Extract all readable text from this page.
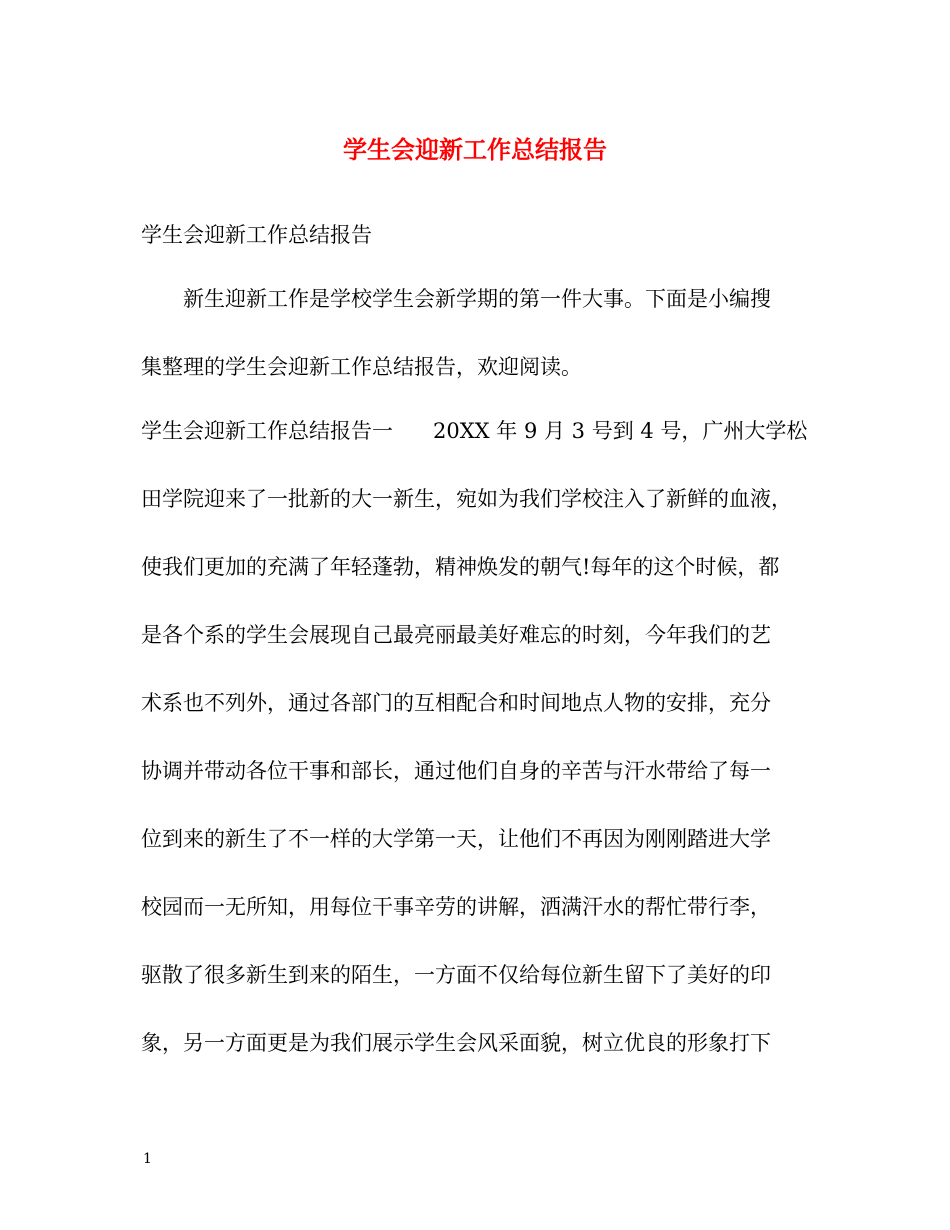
学生会迎新工作总结报告

学生会迎新工作总结报告

新生迎新工作是学校学生会新学期的第一件大事。下面是小编搜

集整理的学生会迎新工作总结报告，欢迎阅读。

学生会迎新工作总结报告一 20XX 年 9 月 3 号到 4 号，广州大学松

田学院迎来了一批新的大一新生，宛如为我们学校注入了新鲜的血液，

使我们更加的充满了年轻蓬勃，精神焕发的朝气!每年的这个时候，都

是各个系的学生会展现自己最亮丽最美好难忘的时刻，今年我们的艺

术系也不列外，通过各部门的互相配合和时间地点人物的安排，充分

协调并带动各位干事和部长，通过他们自身的辛苦与汗水带给了每一

位到来的新生了不一样的大学第一天，让他们不再因为刚刚踏进大学

校园而一无所知，用每位干事辛劳的讲解，洒满汗水的帮忙带行李，

驱散了很多新生到来的陌生，一方面不仅给每位新生留下了美好的印

象，另一方面更是为我们展示学生会风采面貌，树立优良的形象打下

1
